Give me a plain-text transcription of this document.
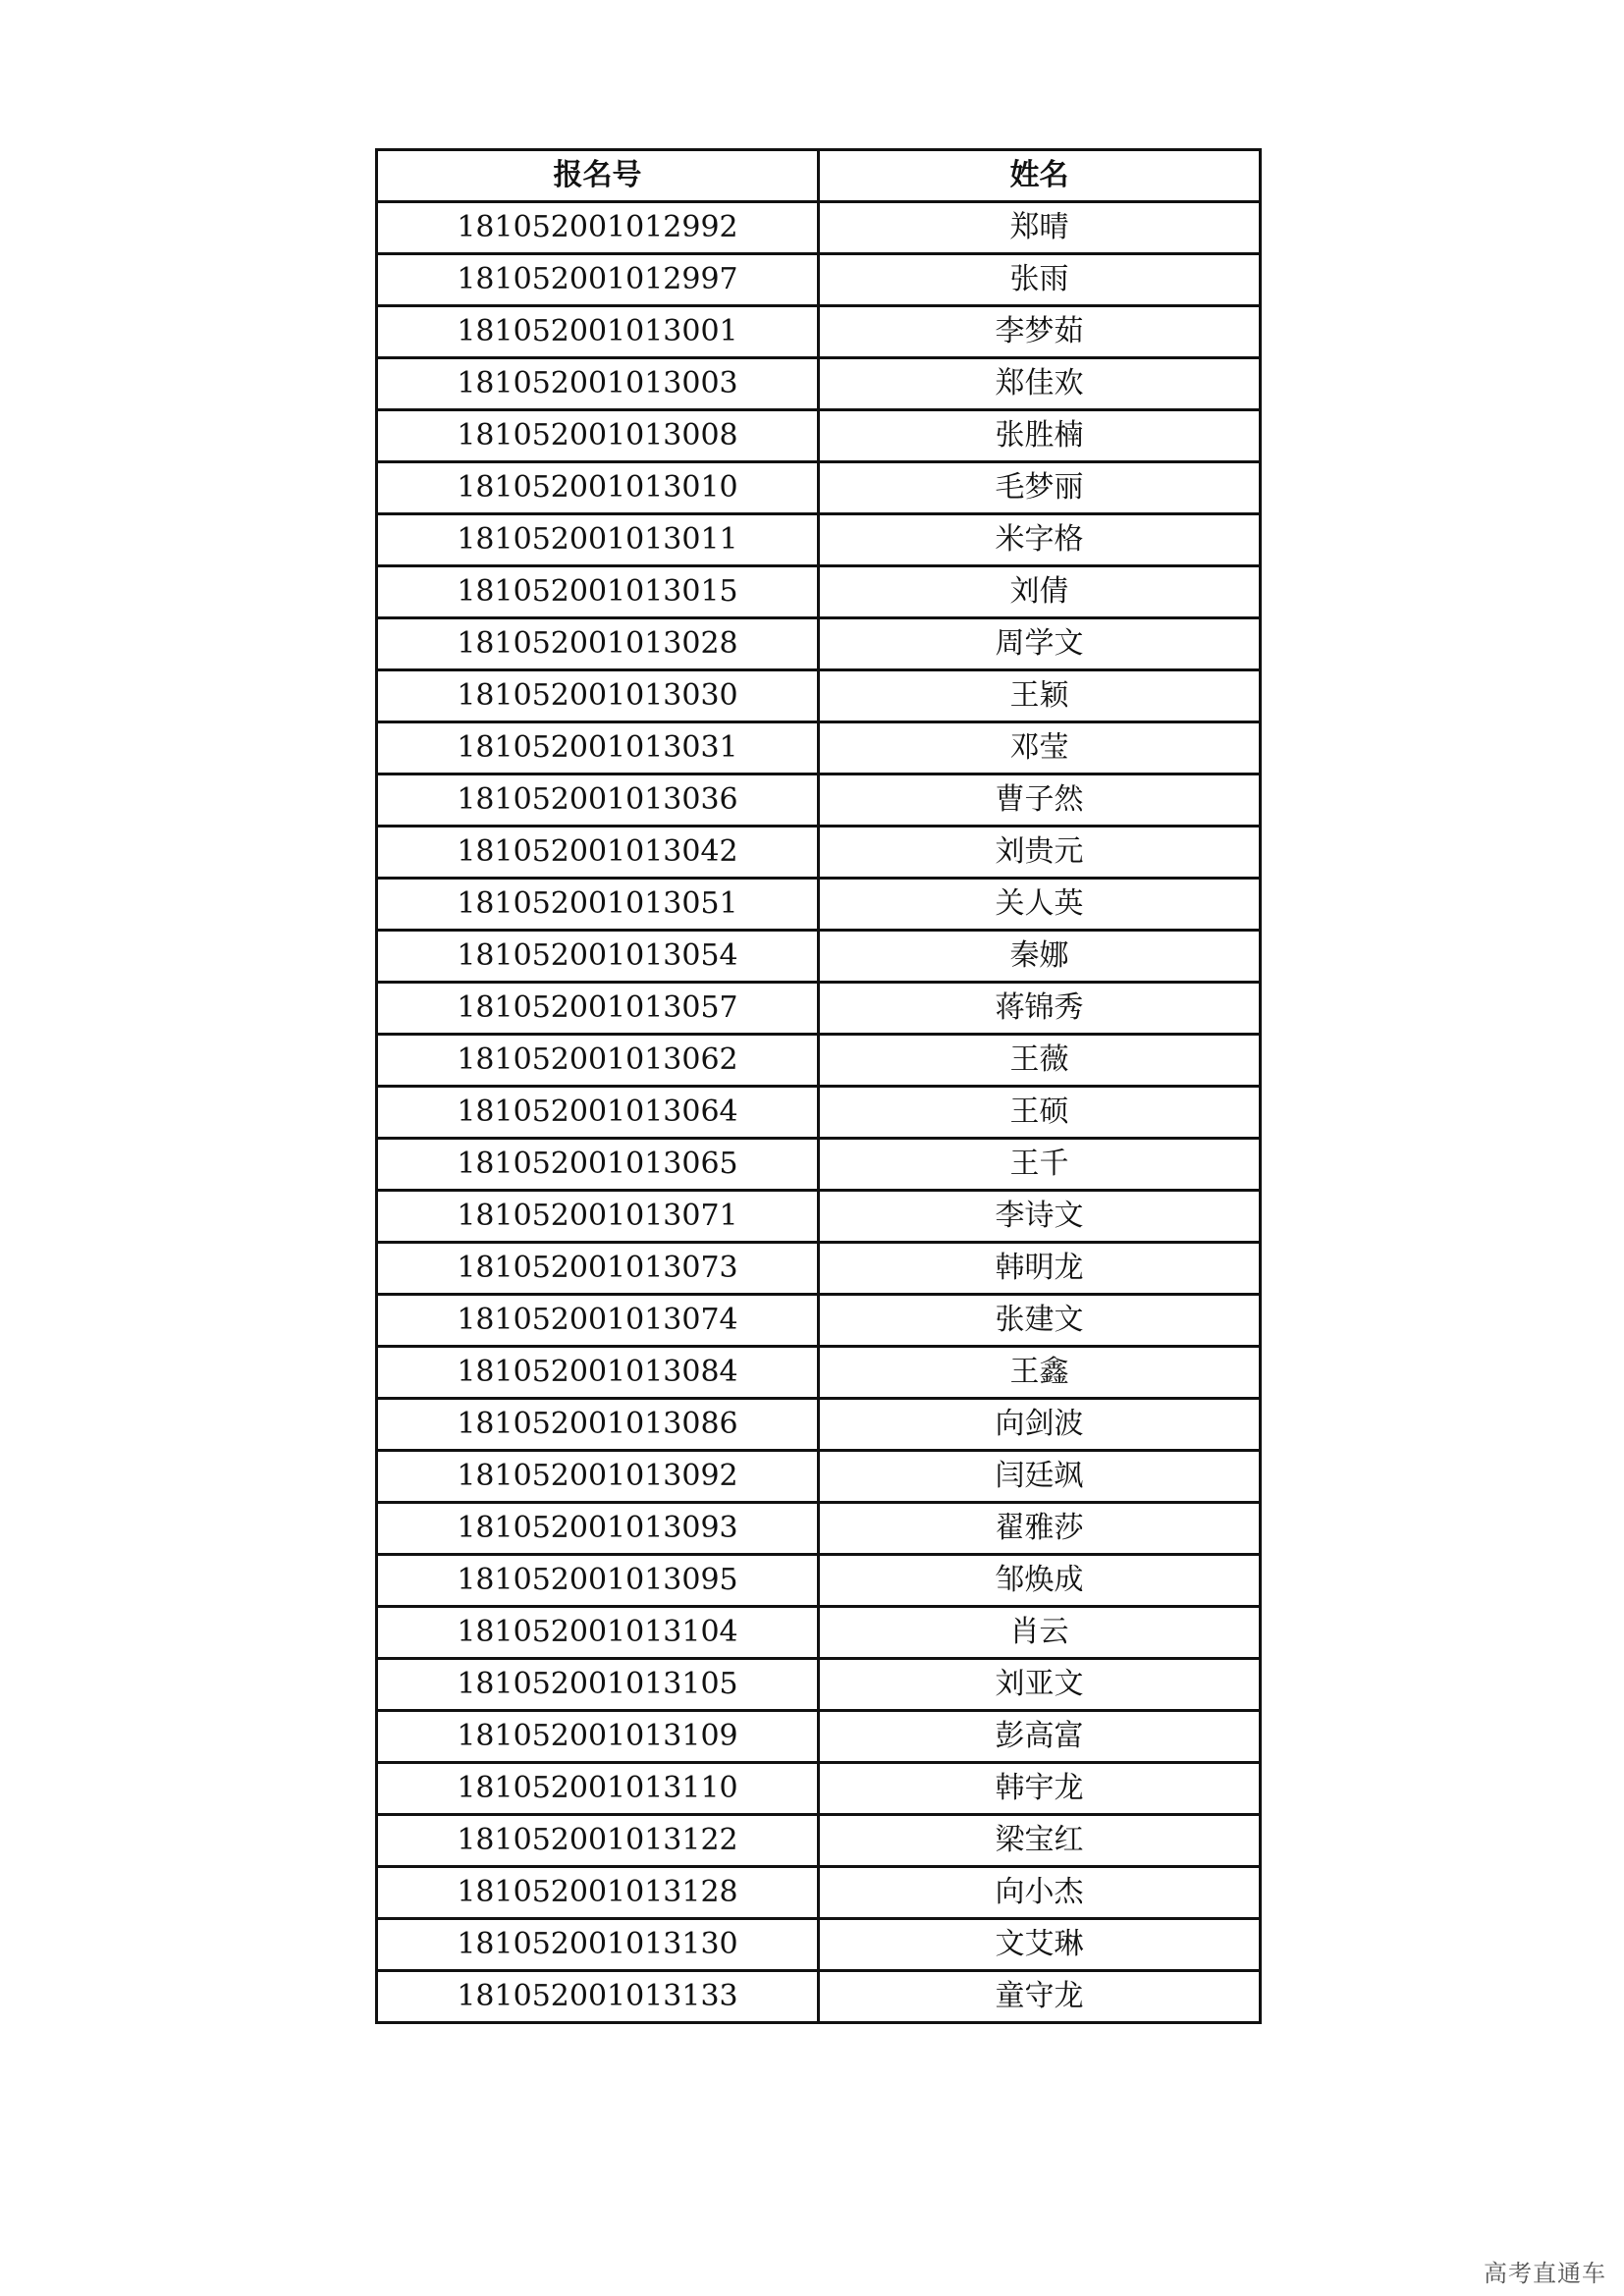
报名号	姓名
181052001012992	郑晴
181052001012997	张雨
181052001013001	李梦茹
181052001013003	郑佳欢
181052001013008	张胜楠
181052001013010	毛梦丽
181052001013011	米字格
181052001013015	刘倩
181052001013028	周学文
181052001013030	王颖
181052001013031	邓莹
181052001013036	曹子然
181052001013042	刘贵元
181052001013051	关人英
181052001013054	秦娜
181052001013057	蒋锦秀
181052001013062	王薇
181052001013064	王硕
181052001013065	王千
181052001013071	李诗文
181052001013073	韩明龙
181052001013074	张建文
181052001013084	王鑫
181052001013086	向剑波
181052001013092	闫廷飒
181052001013093	翟雅莎
181052001013095	邹焕成
181052001013104	肖云
181052001013105	刘亚文
181052001013109	彭高富
181052001013110	韩宇龙
181052001013122	梁宝红
181052001013128	向小杰
181052001013130	文艾琳
181052001013133	童守龙
高考直通车
